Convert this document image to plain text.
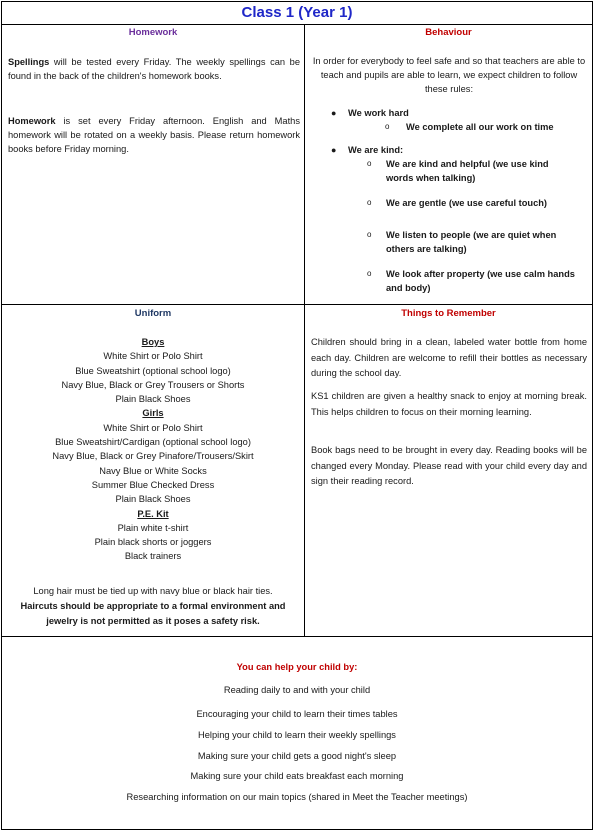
Class 1 (Year 1)
Homework

Spellings will be tested every Friday. The weekly spellings can be found in the back of the children's homework books.

Homework is set every Friday afternoon. English and Maths homework will be rotated on a weekly basis. Please return homework books before Friday morning.

Behaviour

In order for everybody to feel safe and so that teachers are able to teach and pupils are able to learn, we expect children to follow these rules:

● We work hard
o We complete all our work on time
● We are kind:
o We are kind and helpful (we use kind words when talking)
o We are gentle (we use careful touch)
o We listen to people (we are quiet when others are talking)
o We look after property (we use calm hands and body)
Uniform

Boys

White Shirt or Polo Shirt

Blue Sweatshirt (optional school logo)

Navy Blue, Black or Grey Trousers or Shorts

Plain Black Shoes

Girls

White Shirt or Polo Shirt

Blue Sweatshirt/Cardigan (optional school logo)

Navy Blue, Black or Grey Pinafore/Trousers/Skirt

Navy Blue or White Socks

Summer Blue Checked Dress

Plain Black Shoes

P.E. Kit

Plain white t-shirt

Plain black shorts or joggers

Black trainers

Long hair must be tied up with navy blue or black hair ties.

Haircuts should be appropriate to a formal environment and jewelry is not permitted as it poses a safety risk.

Things to Remember

Children should bring in a clean, labeled water bottle from home each day. Children are welcome to refill their bottles as necessary during the school day.

KS1 children are given a healthy snack to enjoy at morning break. This helps children to focus on their morning learning.

Book bags need to be brought in every day. Reading books will be changed every Monday. Please read with your child every day and sign their reading record.

You can help your child by:
Reading daily to and with your child
Encouraging your child to learn their times tables
Helping your child to learn their weekly spellings
Making sure your child gets a good night's sleep
Making sure your child eats breakfast each morning
Researching information on our main topics (shared in Meet the Teacher meetings)
